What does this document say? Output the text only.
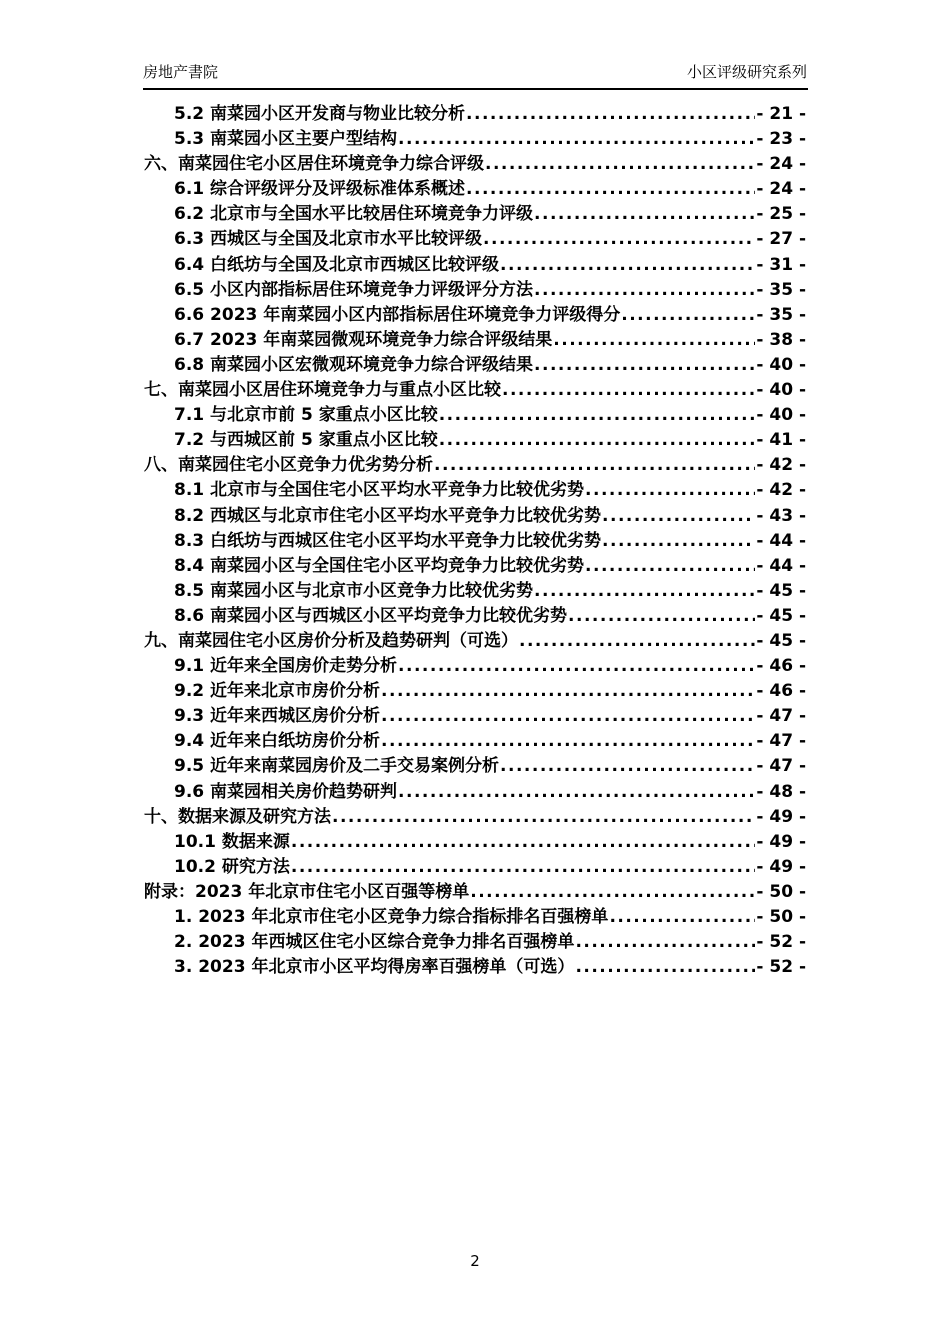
房地产書院	小区评级研究系列
5.2 南菜园小区开发商与物业比较分析 .....	- 21 -
5.3 南菜园小区主要户型结构 .....	- 23 -
六、南菜园住宅小区居住环境竞争力综合评级 .....	- 24 -
6.1 综合评级评分及评级标准体系概述 .....	- 24 -
6.2 北京市与全国水平比较居住环境竞争力评级 .....	- 25 -
6.3 西城区与全国及北京市水平比较评级 .....	- 27 -
6.4 白纸坊与全国及北京市西城区比较评级 .....	- 31 -
6.5 小区内部指标居住环境竞争力评级评分方法 .....	- 35 -
6.6 2023 年南菜园小区内部指标居住环境竞争力评级得分 .....	- 35 -
6.7 2023 年南菜园微观环境竞争力综合评级结果 .....	- 38 -
6.8 南菜园小区宏微观环境竞争力综合评级结果 .....	- 40 -
七、南菜园小区居住环境竞争力与重点小区比较 .....	- 40 -
7.1 与北京市前 5 家重点小区比较 .....	- 40 -
7.2 与西城区前 5 家重点小区比较 .....	- 41 -
八、南菜园住宅小区竞争力优劣势分析 .....	- 42 -
8.1 北京市与全国住宅小区平均水平竞争力比较优劣势 .....	- 42 -
8.2 西城区与北京市住宅小区平均水平竞争力比较优劣势 .....	- 43 -
8.3 白纸坊与西城区住宅小区平均水平竞争力比较优劣势 .....	- 44 -
8.4 南菜园小区与全国住宅小区平均竞争力比较优劣势 .....	- 44 -
8.5 南菜园小区与北京市小区竞争力比较优劣势 .....	- 45 -
8.6 南菜园小区与西城区小区平均竞争力比较优劣势 .....	- 45 -
九、南菜园住宅小区房价分析及趋势研判（可选） .....	- 45 -
9.1 近年来全国房价走势分析 .....	- 46 -
9.2 近年来北京市房价分析 .....	- 46 -
9.3 近年来西城区房价分析 .....	- 47 -
9.4 近年来白纸坊房价分析 .....	- 47 -
9.5 近年来南菜园房价及二手交易案例分析 .....	- 47 -
9.6 南菜园相关房价趋势研判 .....	- 48 -
十、数据来源及研究方法 .....	- 49 -
10.1 数据来源 .....	- 49 -
10.2 研究方法 .....	- 49 -
附录：2023 年北京市住宅小区百强等榜单 .....	- 50 -
1. 2023 年北京市住宅小区竞争力综合指标排名百强榜单 .....	- 50 -
2. 2023 年西城区住宅小区综合竞争力排名百强榜单 .....	- 52 -
3. 2023 年北京市小区平均得房率百强榜单（可选） .....	- 52 -
2
